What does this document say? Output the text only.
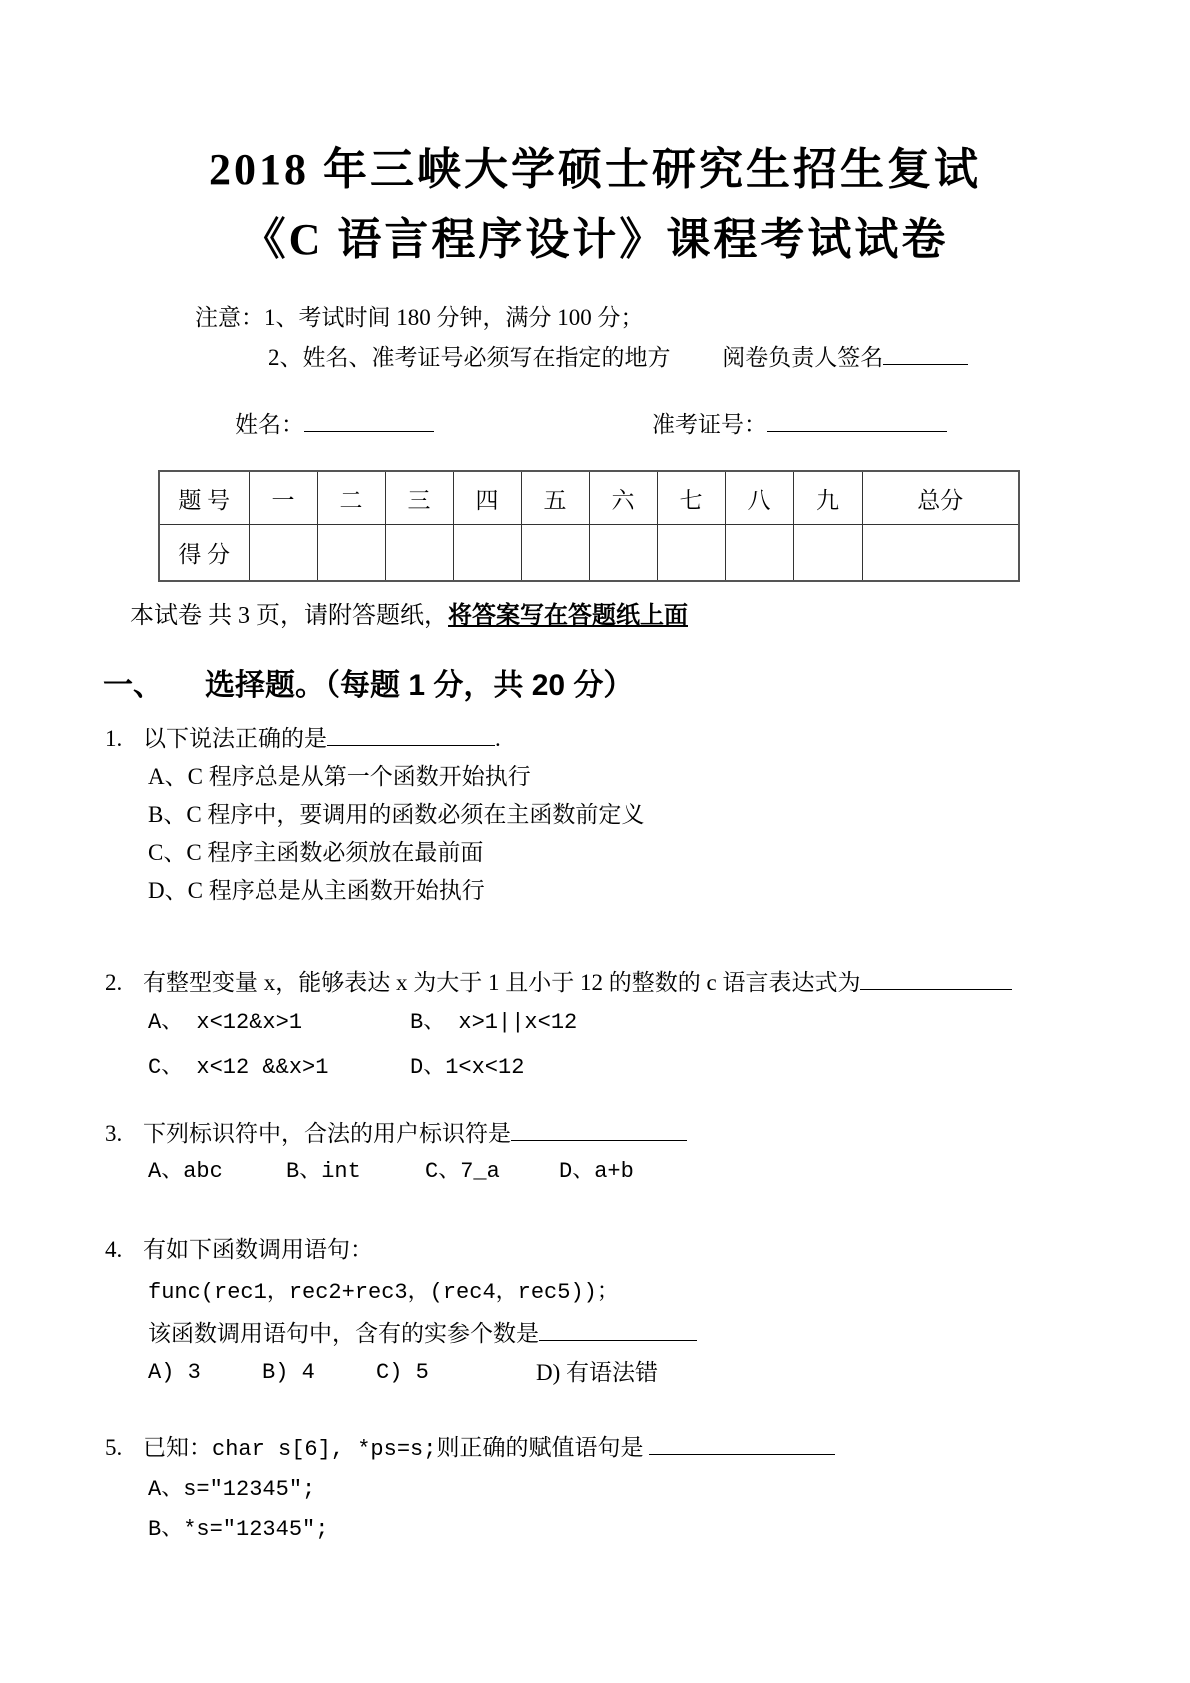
2018 年三峡大学硕士研究生招生复试
《C 语言程序设计》课程考试试卷
注意：1、考试时间 180 分钟，满分 100 分；
2、姓名、准考证号必须写在指定的地方 阅卷负责人签名
姓名：	准考证号：
题 号	一	二	三	四	五	六	七	八	九	总分
得 分										
本试卷 共 3 页，请附答题纸，将答案写在答题纸上面
一、 选择题。（每题 1 分，共 20 分）
1. 以下说法正确的是	.
A、C 程序总是从第一个函数开始执行
B、C 程序中，要调用的函数必须在主函数前定义
C、C 程序主函数必须放在最前面
D、C 程序总是从主函数开始执行
2. 有整型变量 x，能够表达 x 为大于 1 且小于 12 的整数的 c 语言表达式为
A、 x<12&x>1	B、 x>1||x<12
C、 x<12 &&x>1	D、1<x<12
3. 下列标识符中，合法的用户标识符是
A、abc	B、int	C、7_a	D、a+b
4. 有如下函数调用语句：
func(rec1，rec2+rec3，(rec4，rec5))；
该函数调用语句中，含有的实参个数是
A) 3	B) 4	C) 5	D) 有语法错
5. 已知：char s[6], *ps=s;则正确的赋值语句是
A、s=″12345″;
B、*s=″12345″;
